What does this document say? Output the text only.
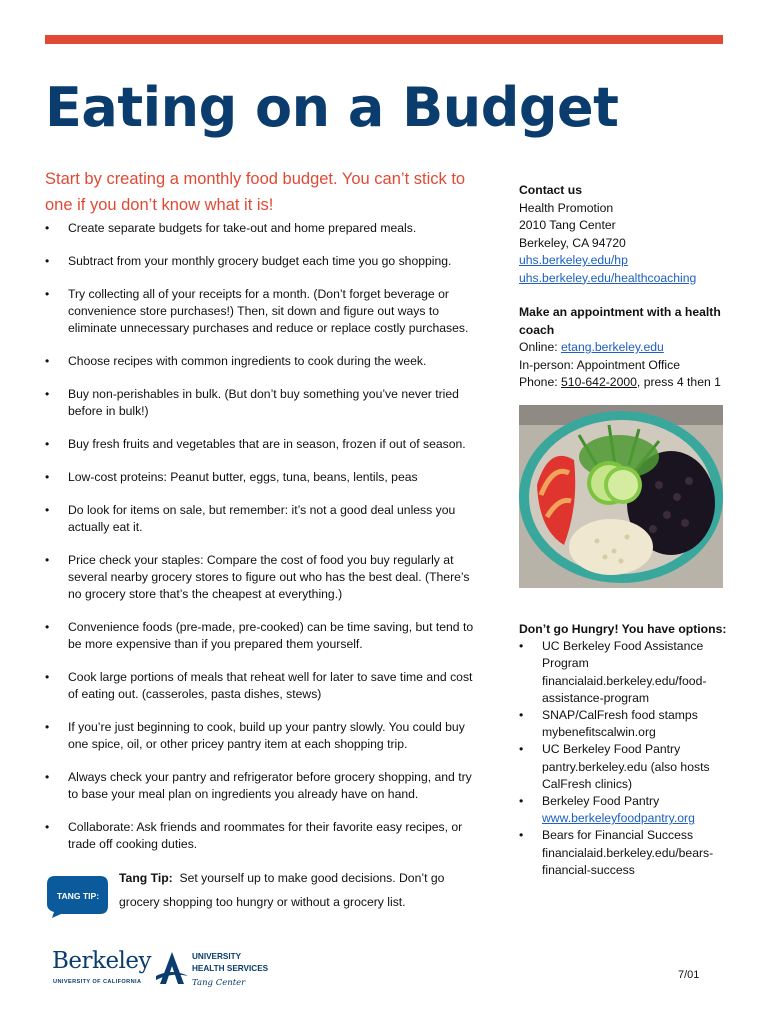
Eating on a Budget
Start by creating a monthly food budget. You can’t stick to one if you don’t know what it is!
• Create separate budgets for take-out and home prepared meals.
• Subtract from your monthly grocery budget each time you go shopping.
• Try collecting all of your receipts for a month. (Don’t forget beverage or convenience store purchases!) Then, sit down and figure out ways to eliminate unnecessary purchases and reduce or replace costly purchases.
• Choose recipes with common ingredients to cook during the week.
• Buy non-perishables in bulk. (But don’t buy something you’ve never tried before in bulk!)
• Buy fresh fruits and vegetables that are in season, frozen if out of season.
• Low-cost proteins: Peanut butter, eggs, tuna, beans, lentils, peas
• Do look for items on sale, but remember: it’s not a good deal unless you actually eat it.
• Price check your staples: Compare the cost of food you buy regularly at several nearby grocery stores to figure out who has the best deal. (There’s no grocery store that’s the cheapest at everything.)
• Convenience foods (pre-made, pre-cooked) can be time saving, but tend to be more expensive than if you prepared them yourself.
• Cook large portions of meals that reheat well for later to save time and cost of eating out. (casseroles, pasta dishes, stews)
• If you’re just beginning to cook, build up your pantry slowly. You could buy one spice, oil, or other pricey pantry item at each shopping trip.
• Always check your pantry and refrigerator before grocery shopping, and try to base your meal plan on ingredients you already have on hand.
• Collaborate: Ask friends and roommates for their favorite easy recipes, or trade off cooking duties.
TANG TIP:
Tang Tip: Set yourself up to make good decisions. Don’t go grocery shopping too hungry or without a grocery list.
Contact us
Health Promotion
2010 Tang Center
Berkeley, CA 94720
uhs.berkeley.edu/hp
uhs.berkeley.edu/healthcoaching
Make an appointment with a health coach
Online: etang.berkeley.edu
In-person: Appointment Office
Phone: 510-642-2000, press 4 then 1
Don’t go Hungry! You have options:
• UC Berkeley Food Assistance Program
financialaid.berkeley.edu/food-assistance-program
• SNAP/CalFresh food stamps
mybenefitscalwin.org
• UC Berkeley Food Pantry
pantry.berkeley.edu (also hosts CalFresh clinics)
• Berkeley Food Pantry
www.berkeleyfoodpantry.org
• Bears for Financial Success
financialaid.berkeley.edu/bears-financial-success
Berkeley
UNIVERSITY OF CALIFORNIA
UNIVERSITY
HEALTH SERVICES
Tang Center
7/01
